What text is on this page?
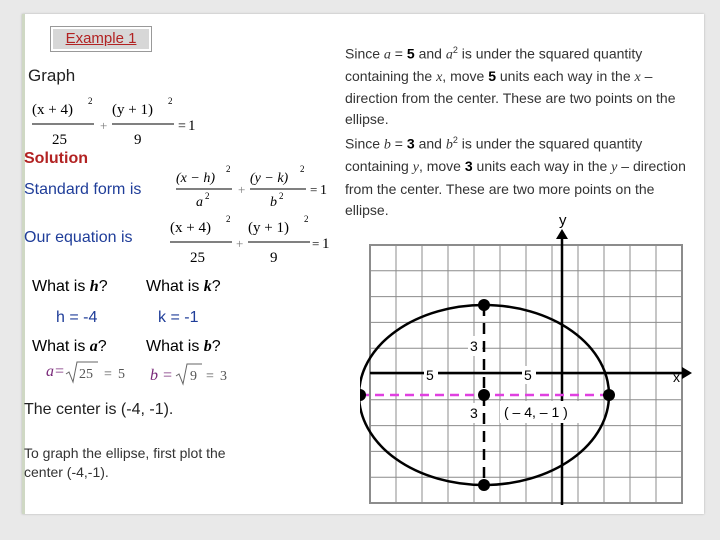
Example 1
Graph
(x + 4)
2
25
+
(y + 1)
2
9
= 1
Solution
Standard form is
(x − h)
2
a 2 +
(y − k)
2
b 2 = 1
Our equation is
(x + 4)
2
25
+
(y + 1)
2
9
= 1
What is h? What is k?
h = -4	k = -1
What is a? What is b?
a= 25 = 5 b = 9 = 3
The center is (-4, -1).
To graph the ellipse, first plot the
center (-4,-1).
Since a = 5 and $a^2$ is under the squared quantity containing the x, move 5 units each way in the x – direction from the center. These are two points on the ellipse.
Since b = 3 and $b^2$ is under the squared quantity containing y, move 3 units each way in the y – direction from the center. These are two more points on the ellipse.
y
x
3
3
5	5
( – 4, – 1 )
